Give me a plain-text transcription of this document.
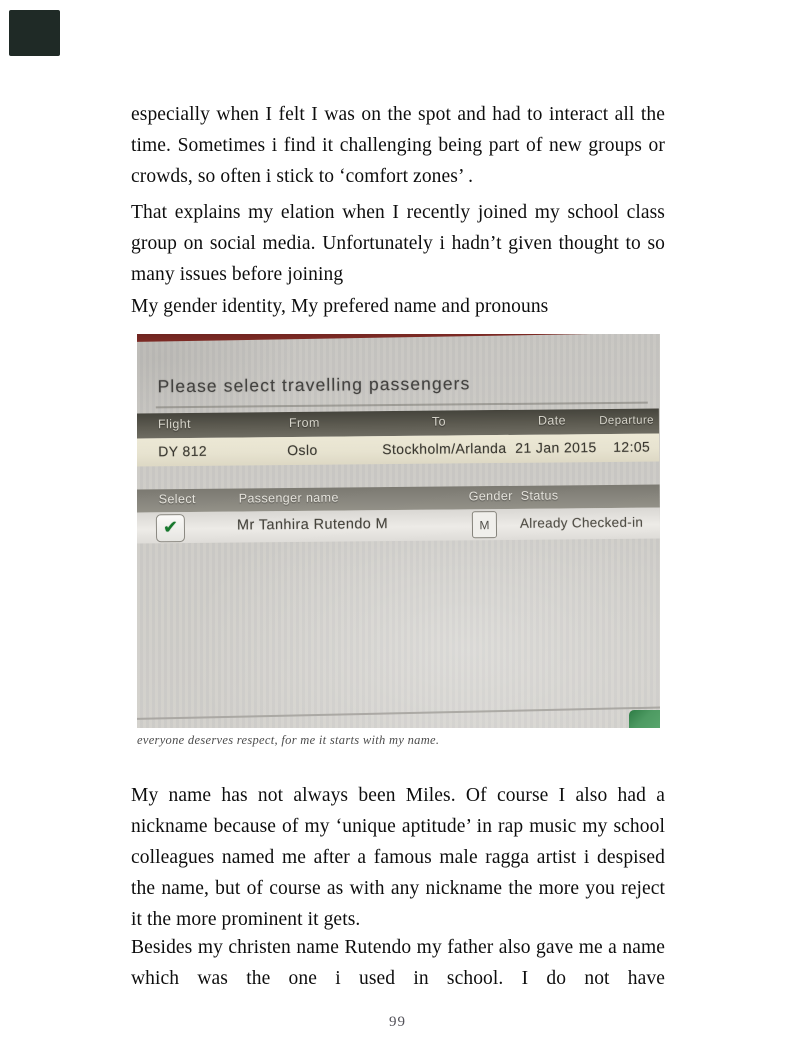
especially when I felt I was on the spot and had to interact all the time. Sometimes i find it challenging being part of new groups or crowds, so often i stick to ‘comfort zones’ .

That explains my elation when I recently joined my school class group on social media. Unfortunately i hadn’t given thought to so many issues before joining

My gender identity, My prefered name and pronouns

Please select travelling passengers
Flight	From	To	Date	Departure
DY 812	Oslo	Stockholm/Arlanda 21 Jan 2015 12:05
Select	Passenger name	Gender Status
✔	Mr Tanhira Rutendo M	M	Already Checked-in
everyone deserves respect, for me it starts with my name.

My name has not always been Miles. Of course I also had a nickname because of my ‘unique aptitude’ in rap music my school colleagues named me after a famous male ragga artist i despised the name, but of course as with any nickname the more you reject it the more prominent it gets.

Besides my christen name Rutendo my father also gave me a name which was the one i used in school. I do not have

99
